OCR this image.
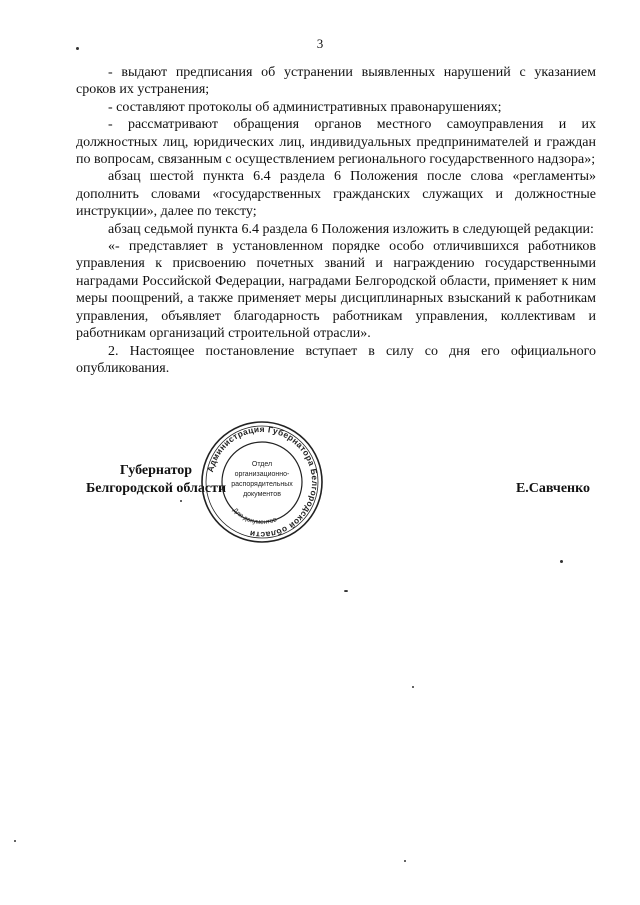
3

- выдают предписания об устранении выявленных нарушений с указанием сроков их устранения;

- составляют протоколы об административных правонарушениях;

- рассматривают обращения органов местного самоуправления и их должностных лиц, юридических лиц, индивидуальных предпринимателей и граждан по вопросам, связанным с осуществлением регионального государственного надзора»;

абзац шестой пункта 6.4 раздела 6 Положения после слова «регламенты» дополнить словами «государственных гражданских служащих и должностные инструкции», далее по тексту;

абзац седьмой пункта 6.4 раздела 6 Положения изложить в следующей редакции:

«- представляет в установленном порядке особо отличившихся работников управления к присвоению почетных званий и награждению государственными наградами Российской Федерации, наградами Белгородской области, применяет к ним меры поощрений, а также применяет меры дисциплинарных взысканий к работникам управления, объявляет благодарность работникам управления, коллективам и работникам организаций строительной отрасли».

2. Настоящее постановление вступает в силу со дня его официального опубликования.

Губернатор
Белгородской области	Е.Савченко
Администрация Губернатора Белгородской области
Для документов
Отдел
организационно-
распорядительных
документов
